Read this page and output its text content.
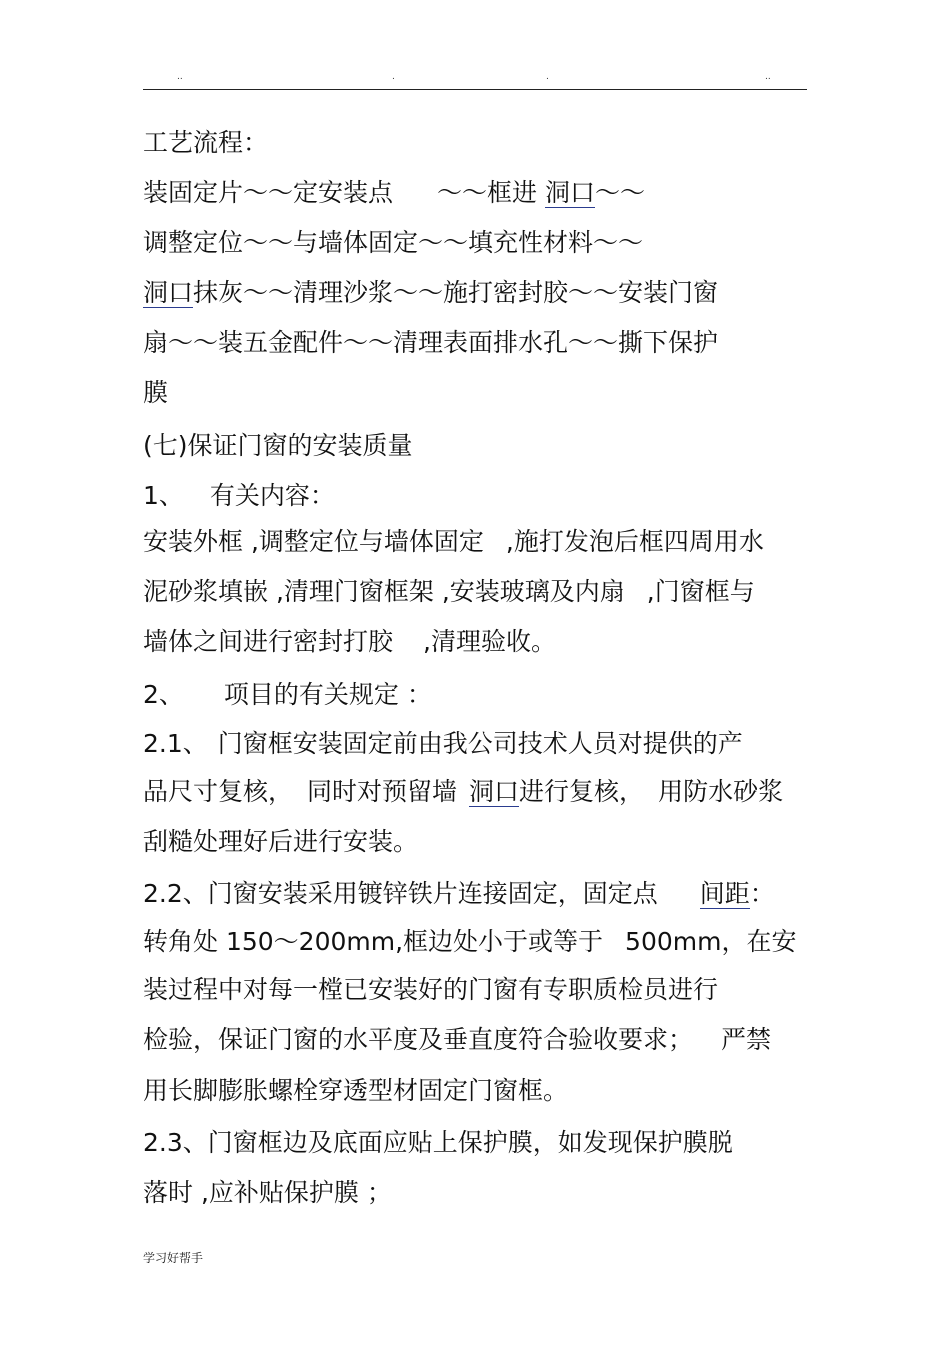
..	.	.	..
工艺流程：
装固定片～～定安装点 ～～框进 洞口～～
调整定位～～与墙体固定～～填充性材料～～
洞口抹灰～～清理沙浆～～施打密封胶～～安装门窗
扇～～装五金配件～～清理表面排水孔～～撕下保护
膜
(七)保证门窗的安装质量
1、 有关内容：
安装外框 ,调整定位与墙体固定 ,施打发泡后框四周用水
泥砂浆填嵌 ,清理门窗框架 ,安装玻璃及内扇 ,门窗框与
墙体之间进行密封打胶 ,清理验收。
2、 项目的有关规定 ：
2.1、 门窗框安装固定前由我公司技术人员对提供的产
品尺寸复核， 同时对预留墙 洞口进行复核， 用防水砂浆
刮糙处理好后进行安装。
2.2、门窗安装采用镀锌铁片连接固定，固定点 间距：
转角处 150～200mm,框边处小于或等于 500mm，在安
装过程中对每一樘已安装好的门窗有专职质检员进行
检验，保证门窗的水平度及垂直度符合验收要求； 严禁
用长脚膨胀螺栓穿透型材固定门窗框。
2.3、门窗框边及底面应贴上保护膜，如发现保护膜脱
落时 ,应补贴保护膜 ；
学习好帮手
